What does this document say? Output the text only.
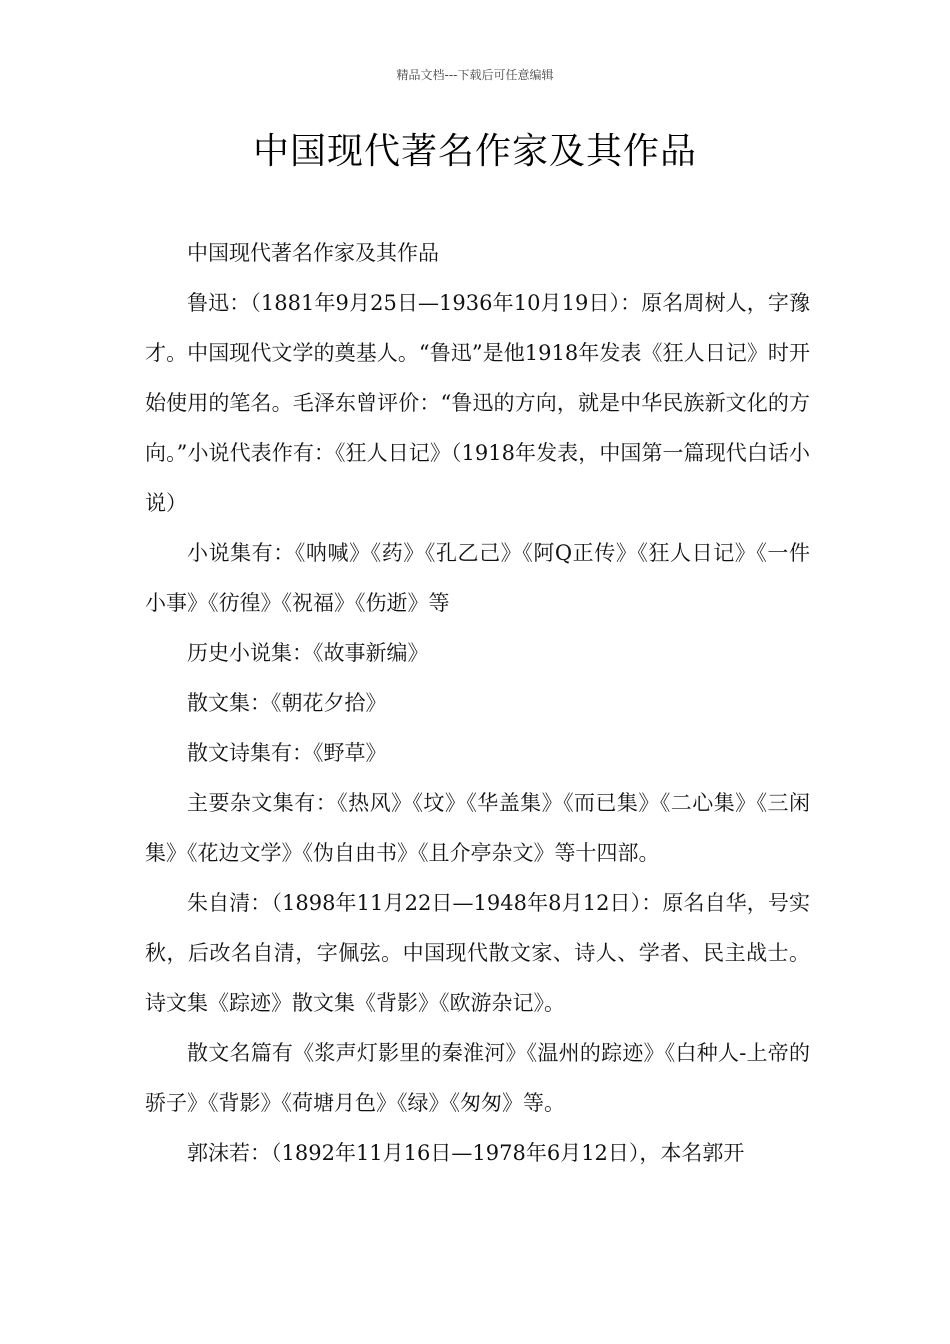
精品文档---下载后可任意编辑
中国现代著名作家及其作品

中国现代著名作家及其作品

鲁迅：（1881年9月25日—1936年10月19日）：原名周树人，字豫才。中国现代文学的奠基人。“鲁迅”是他1918年发表《狂人日记》时开始使用的笔名。毛泽东曾评价：“鲁迅的方向，就是中华民族新文化的方向。”小说代表作有：《狂人日记》（1918年发表，中国第一篇现代白话小说）

小说集有：《呐喊》《药》《孔乙己》《阿Q正传》《狂人日记》《一件小事》《彷徨》《祝福》《伤逝》等

历史小说集：《故事新编》

散文集：《朝花夕拾》

散文诗集有：《野草》

主要杂文集有：《热风》《坟》《华盖集》《而已集》《二心集》《三闲集》《花边文学》《伪自由书》《且介亭杂文》等十四部。

朱自清：（1898年11月22日—1948年8月12日）：原名自华，号实秋，后改名自清，字佩弦。中国现代散文家、诗人、学者、民主战士。诗文集《踪迹》散文集《背影》《欧游杂记》。

散文名篇有《浆声灯影里的秦淮河》《温州的踪迹》《白种人-上帝的骄子》《背影》《荷塘月色》《绿》《匆匆》等。

郭沫若：（1892年11月16日—1978年6月12日），本名郭开
